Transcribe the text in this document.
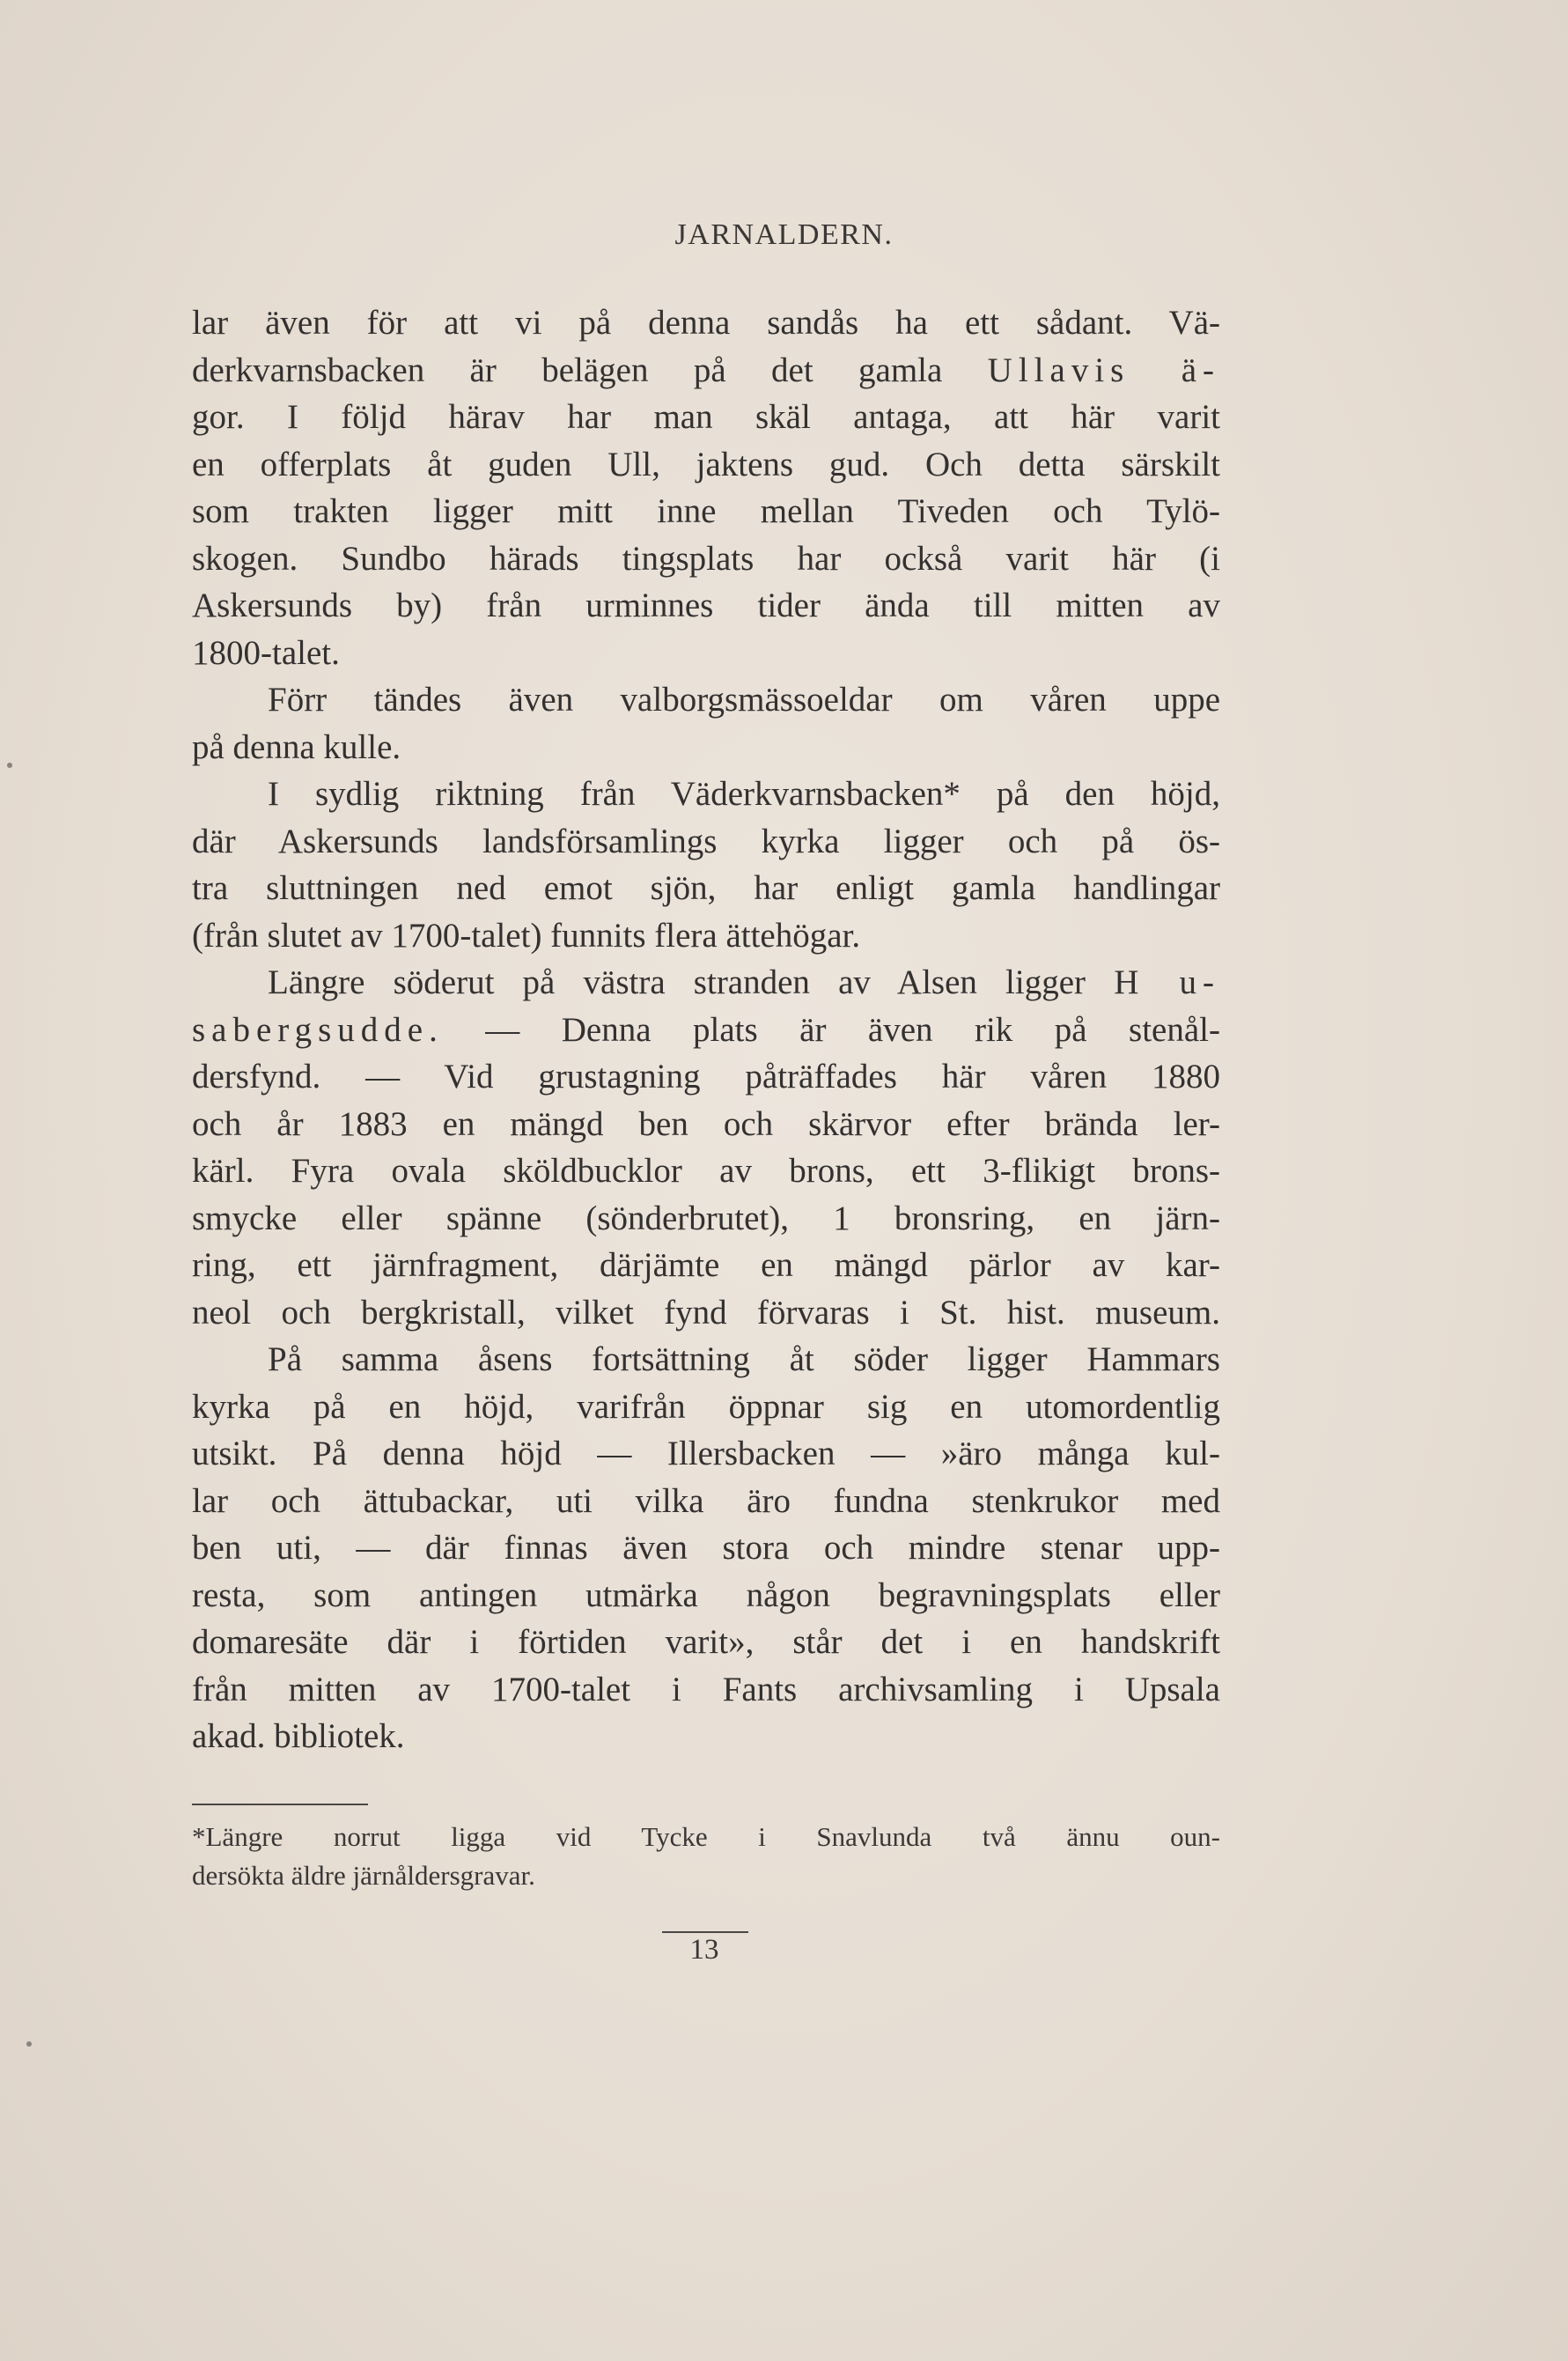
JARNALDERN.
lar även för att vi på denna sandås ha ett sådant. Vä-
derkvarnsbacken är belägen på det gamla Ullavis ä-
gor. I följd härav har man skäl antaga, att här varit
en offerplats åt guden Ull, jaktens gud. Och detta särskilt
som trakten ligger mitt inne mellan Tiveden och Tylö-
skogen. Sundbo härads tingsplats har också varit här (i
Askersunds by) från urminnes tider ända till mitten av
1800-talet.
Förr tändes även valborgsmässoeldar om våren uppe
på denna kulle.
I sydlig riktning från Väderkvarnsbacken* på den höjd,
där Askersunds landsförsamlings kyrka ligger och på ös-
tra sluttningen ned emot sjön, har enligt gamla handlingar
(från slutet av 1700-talet) funnits flera ättehögar.
Längre söderut på västra stranden av Alsen ligger H u-
sabergsudde. — Denna plats är även rik på stenål-
dersfynd. — Vid grustagning påträffades här våren 1880
och år 1883 en mängd ben och skärvor efter brända ler-
kärl. Fyra ovala sköldbucklor av brons, ett 3-flikigt brons-
smycke eller spänne (sönderbrutet), 1 bronsring, en järn-
ring, ett järnfragment, därjämte en mängd pärlor av kar-
neol och bergkristall, vilket fynd förvaras i St. hist. museum.
På samma åsens fortsättning åt söder ligger Hammars
kyrka på en höjd, varifrån öppnar sig en utomordentlig
utsikt. På denna höjd — Illersbacken — »äro många kul-
lar och ättubackar, uti vilka äro fundna stenkrukor med
ben uti, — där finnas även stora och mindre stenar upp-
resta, som antingen utmärka någon begravningsplats eller
domaresäte där i förtiden varit», står det i en handskrift
från mitten av 1700-talet i Fants archivsamling i Upsala
akad. bibliotek.
*Längre norrut ligga vid Tycke i Snavlunda två ännu oun-
dersökta äldre järnåldersgravar.
13
